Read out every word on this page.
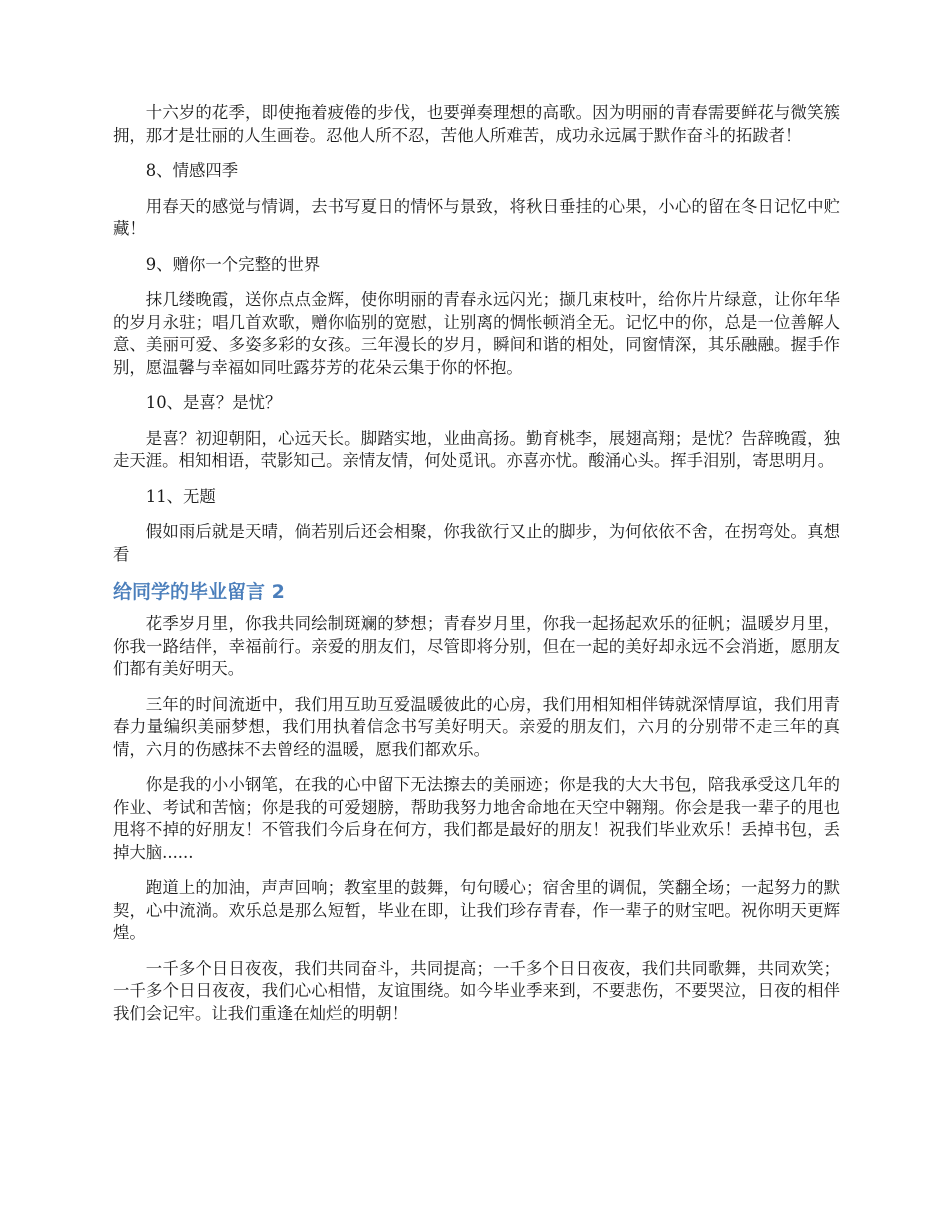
十六岁的花季，即使拖着疲倦的步伐，也要弹奏理想的高歌。因为明丽的青春需要鲜花与微笑簇拥，那才是壮丽的人生画卷。忍他人所不忍，苦他人所难苦，成功永远属于默作奋斗的拓跋者！

8、情感四季

用春天的感觉与情调，去书写夏日的情怀与景致，将秋日垂挂的心果，小心的留在冬日记忆中贮藏！

9、赠你一个完整的世界

抹几缕晚霞，送你点点金辉，使你明丽的青春永远闪光；撷几束枝叶，给你片片绿意，让你年华的岁月永驻；唱几首欢歌，赠你临别的宽慰，让别离的惆怅顿消全无。记忆中的你，总是一位善解人意、美丽可爱、多姿多彩的女孩。三年漫长的岁月，瞬间和谐的相处，同窗情深，其乐融融。握手作别，愿温馨与幸福如同吐露芬芳的花朵云集于你的怀抱。

10、是喜？是忧？

是喜？初迎朝阳，心远天长。脚踏实地，业曲高扬。勤育桃李，展翅高翔；是忧？告辞晚霞，独走天涯。相知相语，茕影知己。亲情友情，何处觅讯。亦喜亦忧。酸涌心头。挥手泪别，寄思明月。

11、无题

假如雨后就是天晴，倘若别后还会相聚，你我欲行又止的脚步，为何依依不舍，在拐弯处。真想看

给同学的毕业留言 2

花季岁月里，你我共同绘制斑斓的梦想；青春岁月里，你我一起扬起欢乐的征帆；温暖岁月里，你我一路结伴，幸福前行。亲爱的朋友们，尽管即将分别，但在一起的美好却永远不会消逝，愿朋友们都有美好明天。

三年的时间流逝中，我们用互助互爱温暖彼此的心房，我们用相知相伴铸就深情厚谊，我们用青春力量编织美丽梦想，我们用执着信念书写美好明天。亲爱的朋友们，六月的分别带不走三年的真情，六月的伤感抹不去曾经的温暖，愿我们都欢乐。

你是我的小小钢笔，在我的心中留下无法擦去的美丽迹；你是我的大大书包，陪我承受这几年的作业、考试和苦恼；你是我的可爱翅膀，帮助我努力地舍命地在天空中翱翔。你会是我一辈子的甩也甩将不掉的好朋友！不管我们今后身在何方，我们都是最好的朋友！祝我们毕业欢乐！丢掉书包，丢掉大脑......

跑道上的加油，声声回响；教室里的鼓舞，句句暖心；宿舍里的调侃，笑翻全场；一起努力的默契，心中流淌。欢乐总是那么短暂，毕业在即，让我们珍存青春，作一辈子的财宝吧。祝你明天更辉煌。

一千多个日日夜夜，我们共同奋斗，共同提高；一千多个日日夜夜，我们共同歌舞，共同欢笑；一千多个日日夜夜，我们心心相惜，友谊围绕。如今毕业季来到，不要悲伤，不要哭泣，日夜的相伴我们会记牢。让我们重逢在灿烂的明朝！
